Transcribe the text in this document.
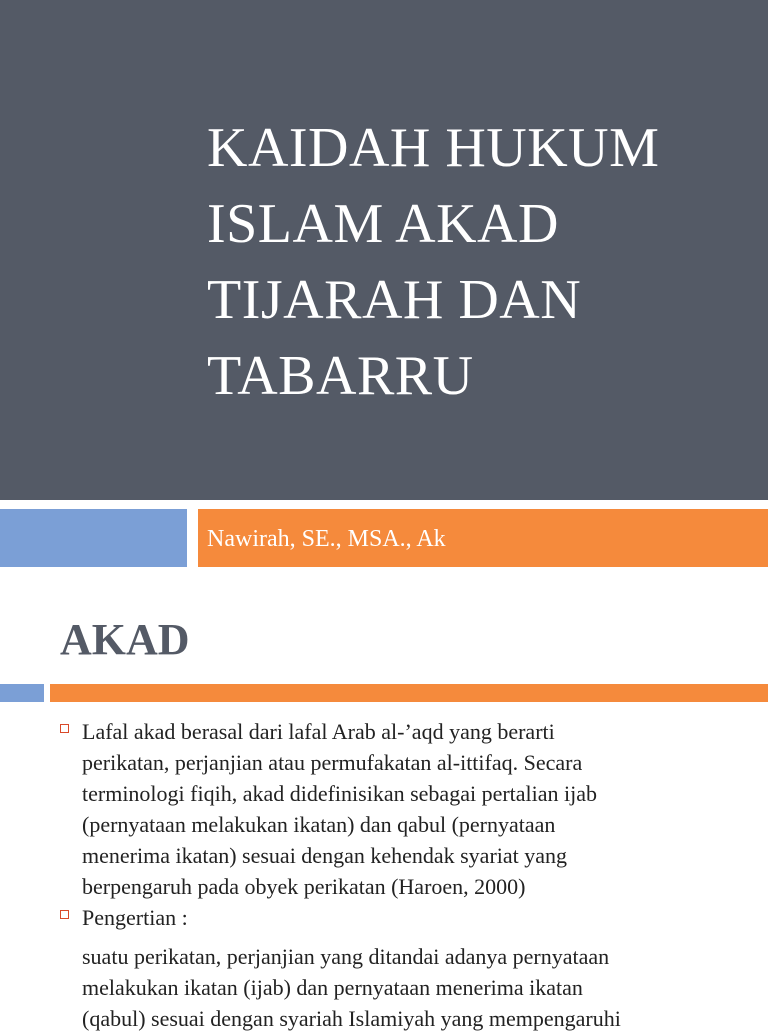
KAIDAH HUKUM
ISLAM AKAD
TIJARAH DAN
TABARRU
Nawirah, SE., MSA., Ak
AKAD
Lafal akad berasal dari lafal Arab al-’aqd yang berarti
perikatan, perjanjian atau permufakatan al-ittifaq. Secara
terminologi fiqih, akad didefinisikan sebagai pertalian ijab
(pernyataan melakukan ikatan) dan qabul (pernyataan
menerima ikatan) sesuai dengan kehendak syariat yang
berpengaruh pada obyek perikatan (Haroen, 2000)
Pengertian :
suatu perikatan, perjanjian yang ditandai adanya pernyataan
melakukan ikatan (ijab) dan pernyataan menerima ikatan
(qabul) sesuai dengan syariah Islamiyah yang mempengaruhi
